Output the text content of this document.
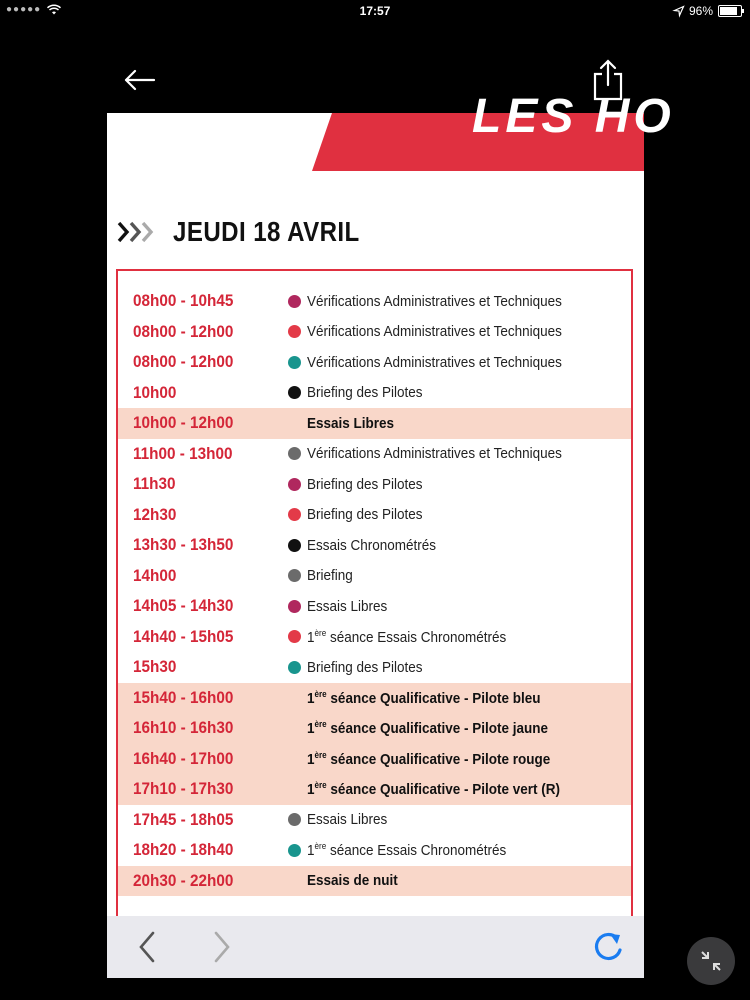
●●●●●	17:57	96%
LES HO
JEUDI 18 AVRIL
08h00 - 10h45	Vérifications Administratives et Techniques
08h00 - 12h00	Vérifications Administratives et Techniques
08h00 - 12h00	Vérifications Administratives et Techniques
10h00	Briefing des Pilotes
10h00 - 12h00	Essais Libres
11h00 - 13h00	Vérifications Administratives et Techniques
11h30	Briefing des Pilotes
12h30	Briefing des Pilotes
13h30 - 13h50	Essais Chronométrés
14h00	Briefing
14h05 - 14h30	Essais Libres
14h40 - 15h05	1ère séance Essais Chronométrés
15h30	Briefing des Pilotes
15h40 - 16h00	1ère séance Qualificative - Pilote bleu
16h10 - 16h30	1ère séance Qualificative - Pilote jaune
16h40 - 17h00	1ère séance Qualificative - Pilote rouge
17h10 - 17h30	1ère séance Qualificative - Pilote vert (R)
17h45 - 18h05	Essais Libres
18h20 - 18h40	1ère séance Essais Chronométrés
20h30 - 22h00	Essais de nuit
